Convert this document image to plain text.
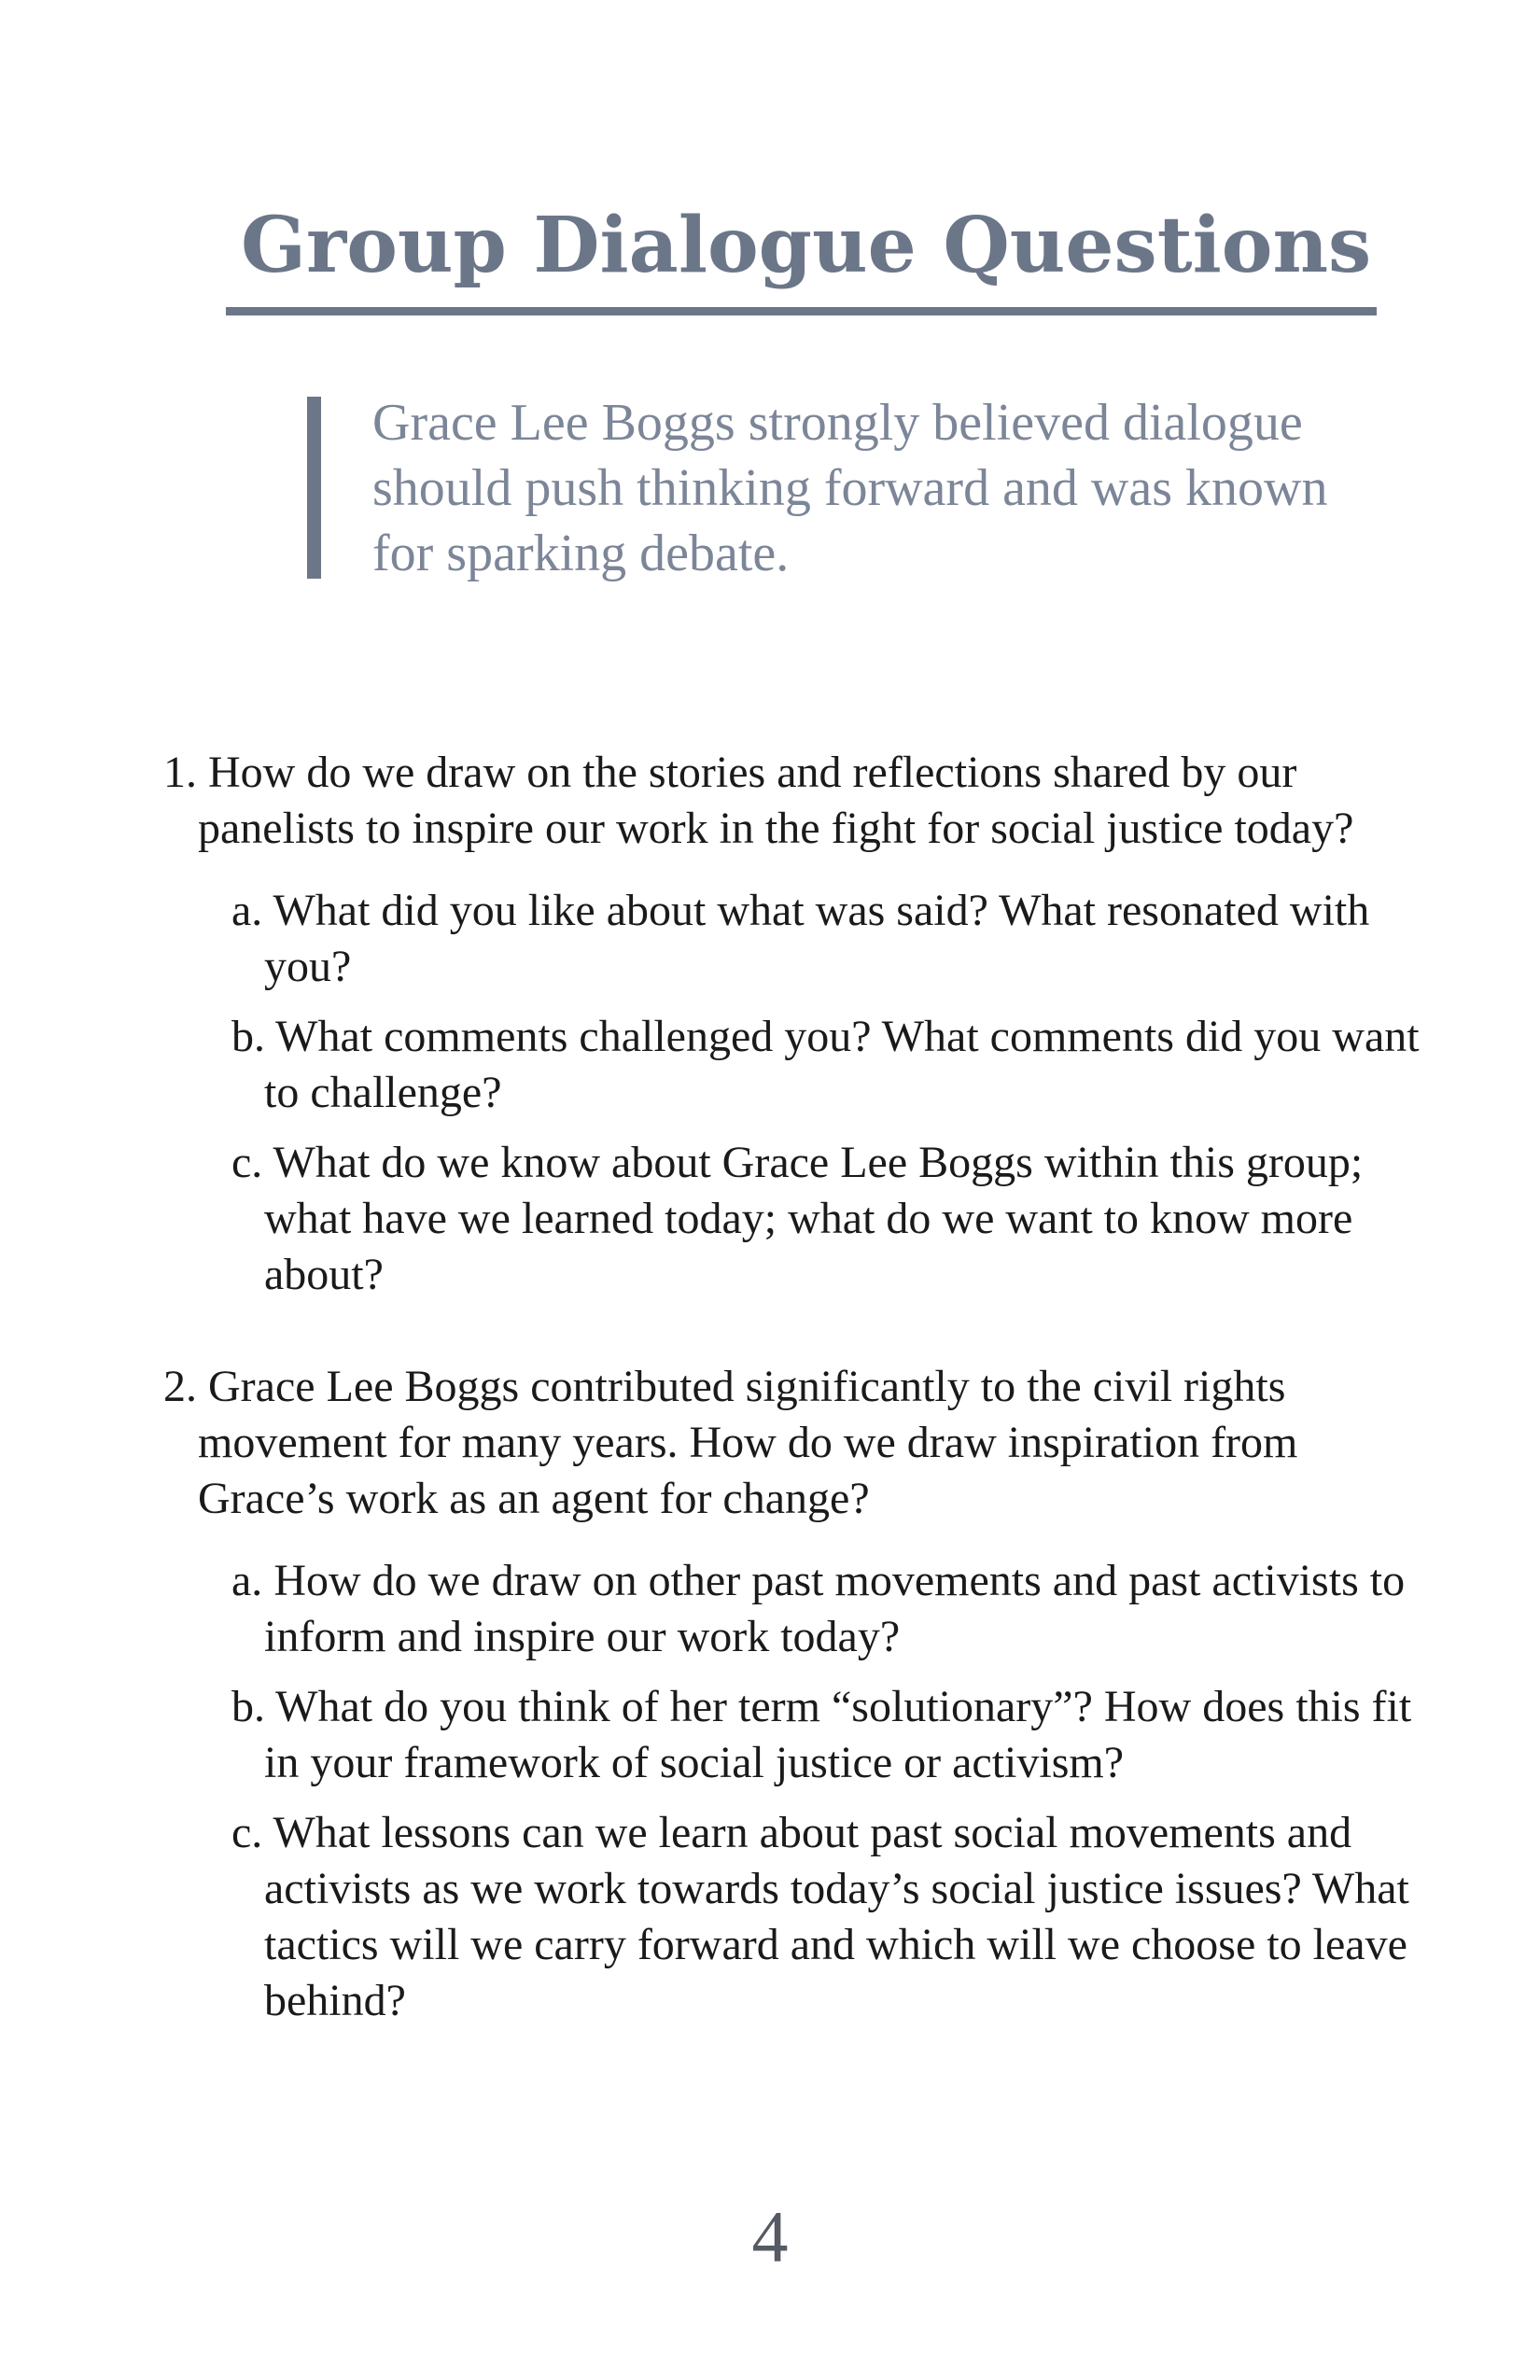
Group Dialogue Questions

Grace Lee Boggs strongly believed dialogue should push thinking forward and was known for sparking debate.

1. How do we draw on the stories and reflections shared by our panelists to inspire our work in the fight for social justice today?

a. What did you like about what was said? What resonated with you?
b. What comments challenged you? What comments did you want to challenge?
c. What do we know about Grace Lee Boggs within this group; what have we learned today; what do we want to know more about?

2. Grace Lee Boggs contributed significantly to the civil rights movement for many years. How do we draw inspiration from Grace’s work as an agent for change?

a. How do we draw on other past movements and past activists to inform and inspire our work today?
b. What do you think of her term “solutionary”? How does this fit in your framework of social justice or activism?
c. What lessons can we learn about past social movements and activists as we work towards today’s social justice issues? What tactics will we carry forward and which will we choose to leave behind?
4
